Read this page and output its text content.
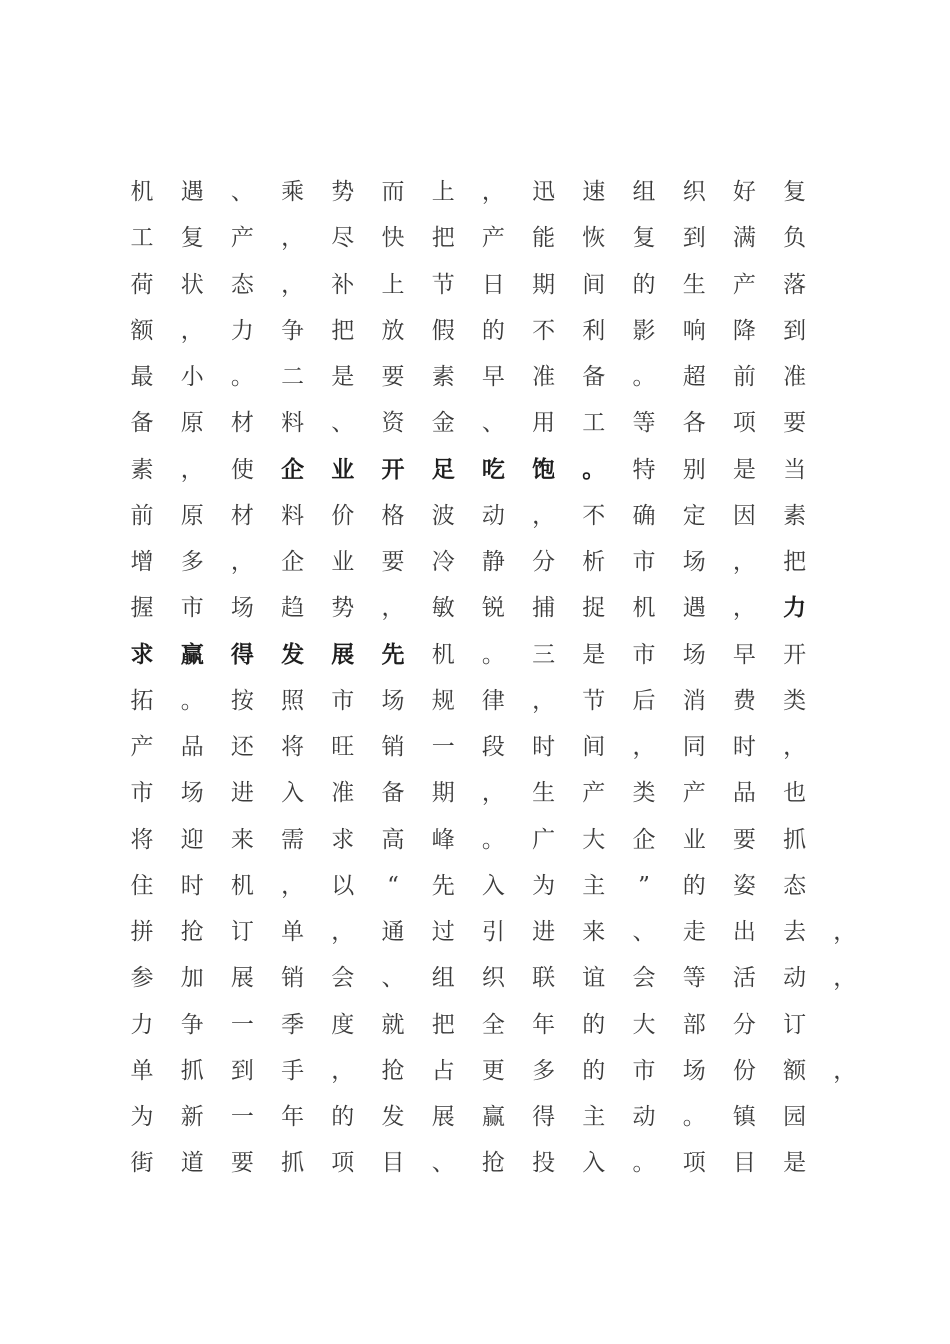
机	遇	、	乘	势	而	上	，	迅	速	组	织	好	复
工	复	产	，	尽	快	把	产	能	恢	复	到	满	负
荷	状	态	，	补	上	节	日	期	间	的	生	产	落
额	，	力	争	把	放	假	的	不	利	影	响	降	到
最	小	。	二	是	要	素	早	准	备	。	超	前	准
备	原	材	料	、	资	金	、	用	工	等	各	项	要
素	，	使	企	业	开	足	吃	饱	。	特	别	是	当
前	原	材	料	价	格	波	动	，	不	确	定	因	素
增	多	，	企	业	要	冷	静	分	析	市	场	，	把
握	市	场	趋	势	，	敏	锐	捕	捉	机	遇	，	力
求	赢	得	发	展	先	机	。	三	是	市	场	早	开
拓	。	按	照	市	场	规	律	，	节	后	消	费	类
产	品	还	将	旺	销	一	段	时	间	，	同	时	，
市	场	进	入	准	备	期	，	生	产	类	产	品	也
将	迎	来	需	求	高	峰	。	广	大	企	业	要	抓
住	时	机	，	以	“	先	入	为	主	”	的	姿	态
拼	抢	订	单	，	通	过	引	进	来	、	走	出	去	，
参	加	展	销	会	、	组	织	联	谊	会	等	活	动	，
力	争	一	季	度	就	把	全	年	的	大	部	分	订
单	抓	到	手	，	抢	占	更	多	的	市	场	份	额	，
为	新	一	年	的	发	展	赢	得	主	动	。	镇	园
街	道	要	抓	项	目	、	抢	投	入	。	项	目	是
